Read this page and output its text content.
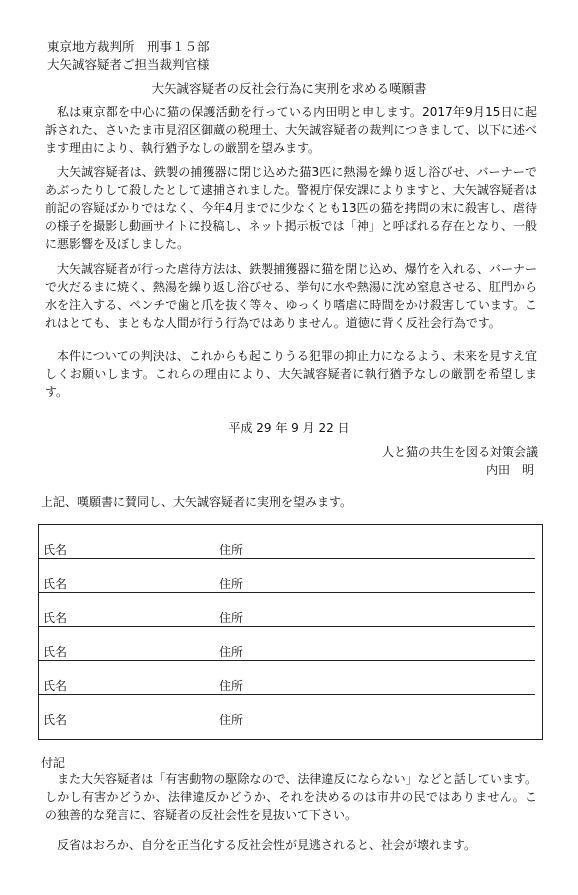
東京地方裁判所　刑事１５部
大矢誠容疑者ご担当裁判官様
大矢誠容疑者の反社会行為に実刑を求める嘆願書
私は東京都を中心に猫の保護活動を行っている内田明と申します。2017年9月15日に起訴された、さいたま市見沼区御蔵の税理士、大矢誠容疑者の裁判につきまして、以下に述べます理由により、執行猶予なしの厳罰を望みます。
大矢誠容疑者は、鉄製の捕獲器に閉じ込めた猫3匹に熱湯を繰り返し浴びせ、バーナーであぶったりして殺したとして逮捕されました。警視庁保安課によりますと、大矢誠容疑者は前記の容疑ばかりではなく、今年4月までに少なくとも13匹の猫を拷問の末に殺害し、虐待の様子を撮影し動画サイトに投稿し、ネット掲示板では「神」と呼ばれる存在となり、一般に悪影響を及ぼしました。
大矢誠容疑者が行った虐待方法は、鉄製捕獲器に猫を閉じ込め、爆竹を入れる、バーナーで火だるまに焼く、熱湯を繰り返し浴びせる、挙句に水や熱湯に沈め窒息させる、肛門から水を注入する、ペンチで歯と爪を抜く等々、ゆっくり嗜虐に時間をかけ殺害しています。これはとても、まともな人間が行う行為ではありません。道徳に背く反社会行為です。
本件についての判決は、これからも起こりうる犯罪の抑止力になるよう、未来を見すえ宜しくお願いします。これらの理由により、大矢誠容疑者に執行猶予なしの厳罰を希望します。
平成 29 年 9 月 22 日
人と猫の共生を図る対策会議
内田　明
上記、嘆願書に賛同し、大矢誠容疑者に実刑を望みます。
氏名	住所
氏名	住所
氏名	住所
氏名	住所
氏名	住所
氏名	住所
付記
また大矢容疑者は「有害動物の駆除なので、法律違反にならない」などと話しています。しかし有害かどうか、法律違反かどうか、それを決めるのは市井の民ではありません。この独善的な発言に、容疑者の反社会性を見抜いて下さい。
反省はおろか、自分を正当化する反社会性が見逃されると、社会が壊れます。
